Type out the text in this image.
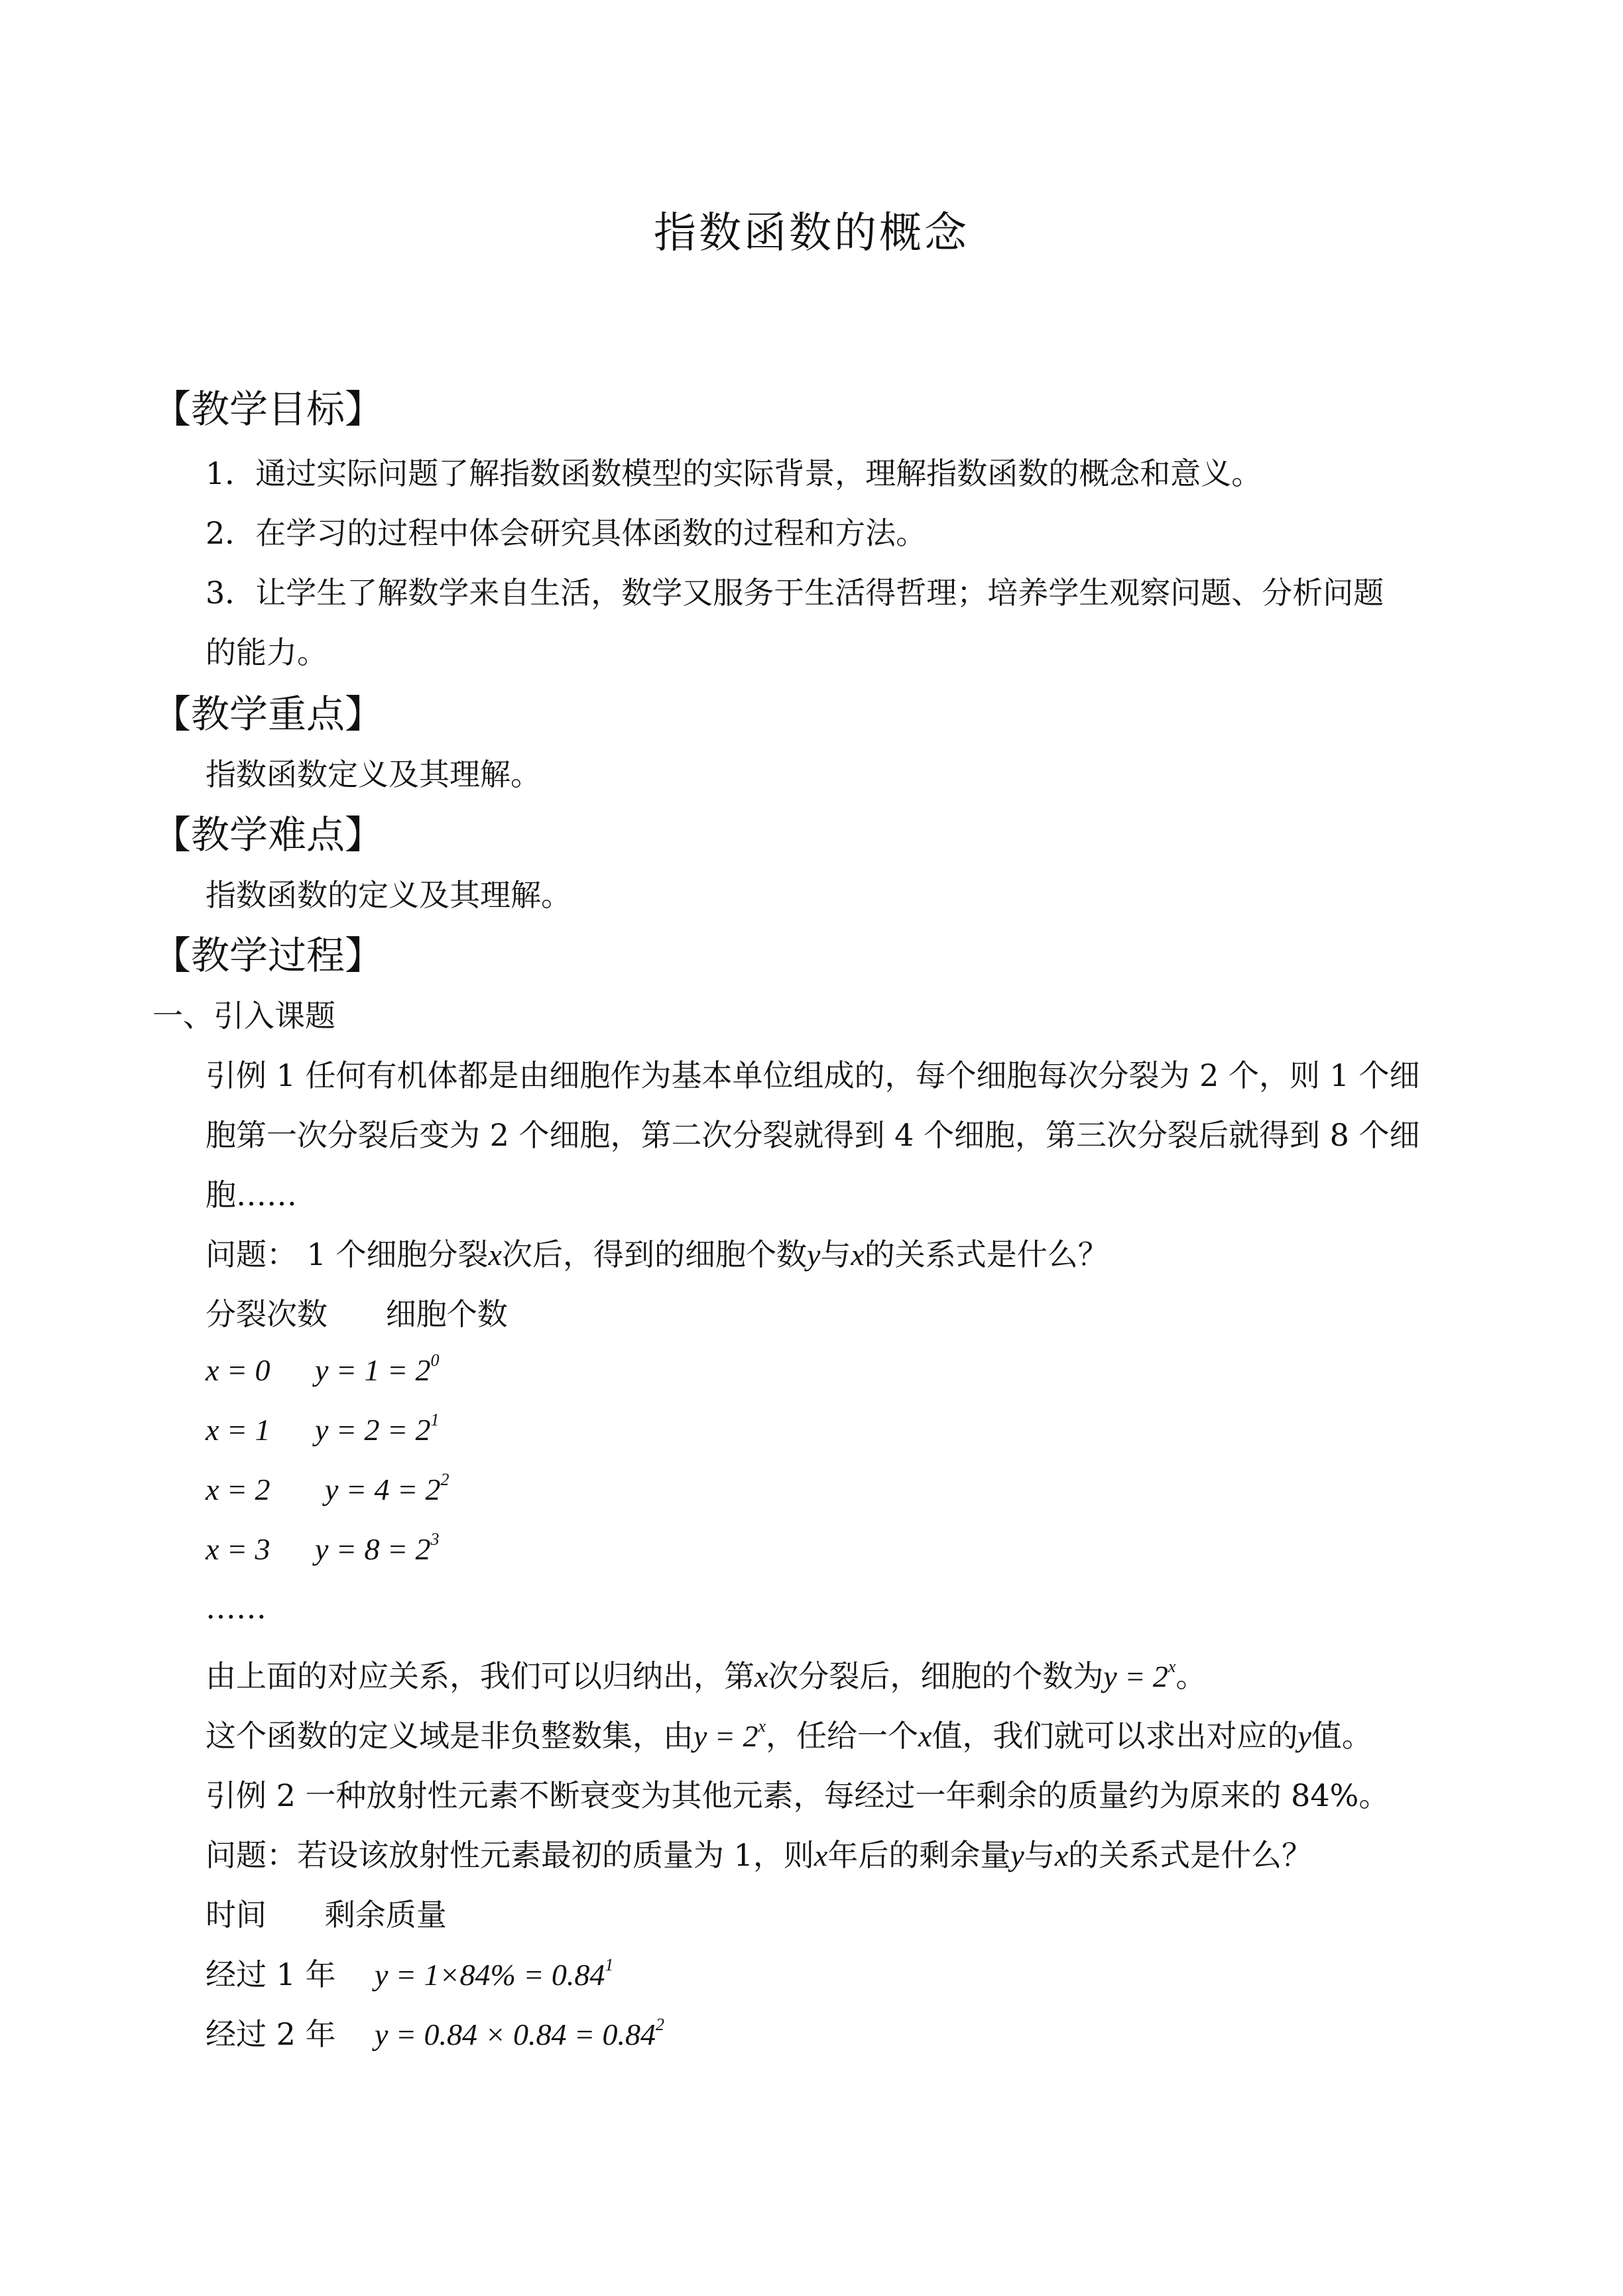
指数函数的概念
【教学目标】
1．通过实际问题了解指数函数模型的实际背景，理解指数函数的概念和意义。
2．在学习的过程中体会研究具体函数的过程和方法。
3．让学生了解数学来自生活，数学又服务于生活得哲理；培养学生观察问题、分析问题
的能力。
【教学重点】
指数函数定义及其理解。
【教学难点】
指数函数的定义及其理解。
【教学过程】
一、引入课题
引例 1 任何有机体都是由细胞作为基本单位组成的，每个细胞每次分裂为 2 个，则 1 个细
胞第一次分裂后变为 2 个细胞，第二次分裂就得到 4 个细胞，第三次分裂后就得到 8 个细
胞……
问题： 1 个细胞分裂x次后，得到的细胞个数y与x的关系式是什么？
分裂次数      细胞个数
x = 0 $y = 1 = 2^0$
x = 1 $y = 2 = 2^1$
x = 2 $y = 4 = 2^2$
x = 3 $y = 8 = 2^3$
……
由上面的对应关系，我们可以归纳出，第x次分裂后，细胞的个数为$y = 2^x$。
这个函数的定义域是非负整数集，由$y = 2^x$，任给一个x值，我们就可以求出对应的y值。
引例 2 一种放射性元素不断衰变为其他元素，每经过一年剩余的质量约为原来的 84%。
问题：若设该放射性元素最初的质量为 1，则x年后的剩余量y与x的关系式是什么？
时间      剩余质量
经过 1 年 $y = 1\times 84\% = 0.84^1$
经过 2 年 $y = 0.84 \times 0.84 = 0.84^2$
